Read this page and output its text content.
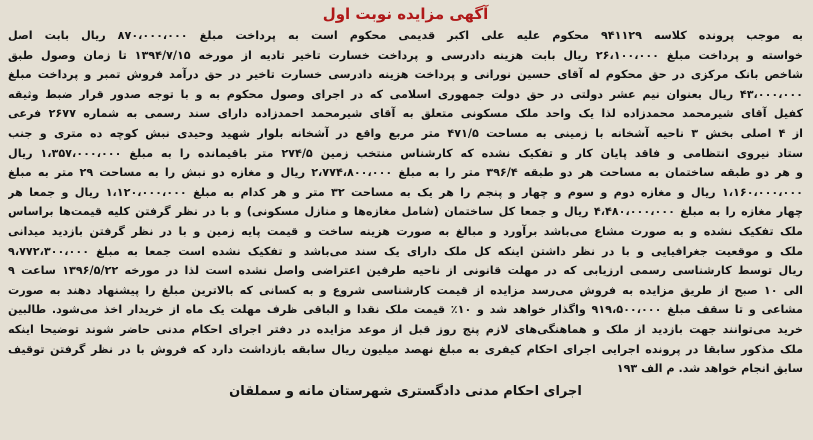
آگهی مزایده نوبت اول
به موجب پرونده کلاسه ۹۴۱۱۲۹ محکوم علیه علی اکبر قدیمی محکوم است به پرداخت مبلغ ۸۷۰،۰۰۰،۰۰۰ ریال بابت اصل
خواسته و پرداخت مبلغ ۲۶،۱۰۰،۰۰۰ ریال بابت هزینه دادرسی و پرداخت خسارت تاخیر تادیه از مورخه ۱۳۹۴/۷/۱۵ تا زمان وصول طبق
شاخص بانک مرکزی در حق محکوم له آقای حسین نورانی و پرداخت هزینه دادرسی خسارت تاخیر در حق درآمد فروش تمبر و پرداخت مبلغ
۴۳،۰۰۰،۰۰۰ ریال بعنوان نیم عشر دولتی در حق دولت جمهوری اسلامی که در اجرای وصول محکوم به و با توجه صدور قرار ضبط وثیقه
کفیل آقای شیرمحمد محمدزاده لذا یک واحد ملک مسکونی متعلق به آقای شیرمحمد احمدزاده دارای سند رسمی به شماره ۲۶۷۷ فرعی
از ۴ اصلی بخش ۳ ناحیه آشخانه با زمینی به مساحت ۴۷۱/۵ متر مربع واقع در آشخانه بلوار شهید وحیدی نبش کوچه ده متری و جنب
ستاد نیروی انتظامی و فاقد پایان کار و تفکیک نشده که کارشناس منتخب زمین ۲۷۴/۵ متر باقیمانده را به مبلغ ۱،۳۵۷،۰۰۰،۰۰۰ ریال
و هر دو طبقه ساختمان به مساحت هر دو طبقه ۳۹۶/۴ متر را به مبلغ ۲،۷۷۴،۸۰۰،۰۰۰ ریال و مغازه دو نبش را به مساحت ۲۹ متر به مبلغ
۱،۱۶۰،۰۰۰،۰۰۰ ریال و مغازه دوم و سوم و چهار و پنجم را هر یک به مساحت ۳۲ متر و هر کدام به مبلغ ۱،۱۲۰،۰۰۰،۰۰۰ ریال و جمعا هر
چهار مغازه را به مبلغ ۴،۴۸۰،۰۰۰،۰۰۰ ریال و جمعا کل ساختمان (شامل مغازه‌ها و منازل مسکونی) و با در نظر گرفتن کلیه قیمت‌ها براساس
ملک تفکیک نشده و به صورت مشاع می‌باشد برآورد و مبالغ به صورت هزینه ساخت و قیمت پایه زمین و با در نظر گرفتن بازدید میدانی
ملک و موقعیت جغرافیایی و با در نظر داشتن اینکه کل ملک دارای یک سند می‌باشد و تفکیک نشده است جمعا به مبلغ ۹،۷۷۲،۳۰۰،۰۰۰
ریال توسط کارشناسی رسمی ارزیابی که در مهلت قانونی از ناحیه طرفین اعتراضی واصل نشده است لذا در مورخه ۱۳۹۶/۵/۲۲ ساعت ۹
الی ۱۰ صبح از طریق مزایده به فروش می‌رسد مزایده از قیمت کارشناسی شروع و به کسانی که بالاترین مبلغ را پیشنهاد دهند به صورت
مشاعی و تا سقف مبلغ ۹۱۹،۵۰۰،۰۰۰ واگذار خواهد شد و ۱۰٪ قیمت ملک نقدا و الباقی ظرف مهلت یک ماه از خریدار اخذ می‌شود. طالبین
خرید می‌توانند جهت بازدید از ملک و هماهنگی‌های لازم پنج روز قبل از موعد مزایده در دفتر اجرای احکام مدنی حاضر شوند توضیحا اینکه
ملک مذکور سابقا در پرونده اجرایی اجرای احکام کیفری به مبلغ نهصد میلیون ریال سابقه بازداشت دارد که فروش با در نظر گرفتن توقیف
سابق انجام خواهد شد. م الف ۱۹۳
اجرای احکام مدنی دادگستری شهرستان مانه و سملقان
